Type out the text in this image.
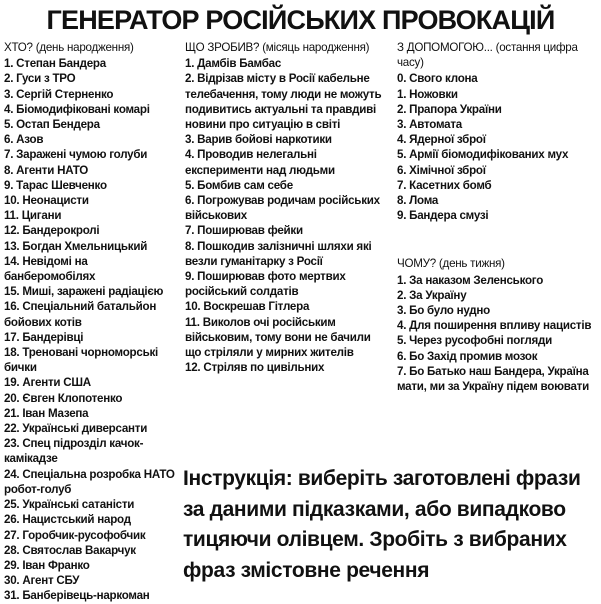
ГЕНЕРАТОР РОСІЙСЬКИХ ПРОВОКАЦІЙ
ХТО? (день народження)
1. Степан Бандера
2. Гуси з ТРО
3. Сергій Стерненко
4. Біомодифіковані комарі
5. Остап Бендера
6. Азов
7. Заражені чумою голуби
8. Агенти НАТО
9. Тарас Шевченко
10. Неонацисти
11. Цигани
12. Бандерокролі
13. Богдан Хмельницький
14. Невідомі на банберомобілях
15. Миші, заражені радіацією
16. Спеціальний батальйон бойових котів
17. Бандерівці
18. Треновані чорноморські бички
19. Агенти США
20. Євген Клопотенко
21. Іван Мазепа
22. Українські диверсанти
23. Спец підрозділ качок-камікадзе
24. Спеціальна розробка НАТО робот-голуб
25. Українські сатаністи
26. Нацистський народ
27. Горобчик-русофобчик
28. Святослав Вакарчук
29. Іван Франко
30. Агент СБУ
31. Банберівець-наркоман
ЩО ЗРОБИВ? (місяць народження)
1. Дамбів Бамбас
2. Відрізав місту в Росії кабельне телебачення, тому люди не можуть подивитись актуальні та правдиві новини про ситуацію в світі
3. Варив бойові наркотики
4. Проводив нелегальні експерименти над людьми
5. Бомбив сам себе
6. Погрожував родичам російських військових
7. Поширював фейки
8. Пошкодив залізничні шляхи які везли гуманітарку з Росії
9. Поширював фото мертвих російський солдатів
10. Воскрешав Гітлера
11. Виколов очі російським військовим, тому вони не бачили що стріляли у мирних жителів
12. Стріляв по цивільних
З ДОПОМОГОЮ... (остання цифра часу)
0. Свого клона
1. Ножовки
2. Прапора України
3. Автомата
4. Ядерної зброї
5. Армії біомодифікованих мух
6. Хімічної зброї
7. Касетних бомб
8. Лома
9. Бандера смузі
ЧОМУ? (день тижня)
1. За наказом Зеленського
2. За Україну
3. Бо було нудно
4. Для поширення впливу нацистів
5. Через русофобні погляди
6. Бо Захід промив мозок
7. Бо Батько наш Бандера, Україна мати, ми за Україну підем воювати
Інструкція: виберіть заготовлені фрази за даними підказками, або випадково тицяючи олівцем. Зробіть з вибраних фраз змістовне речення
